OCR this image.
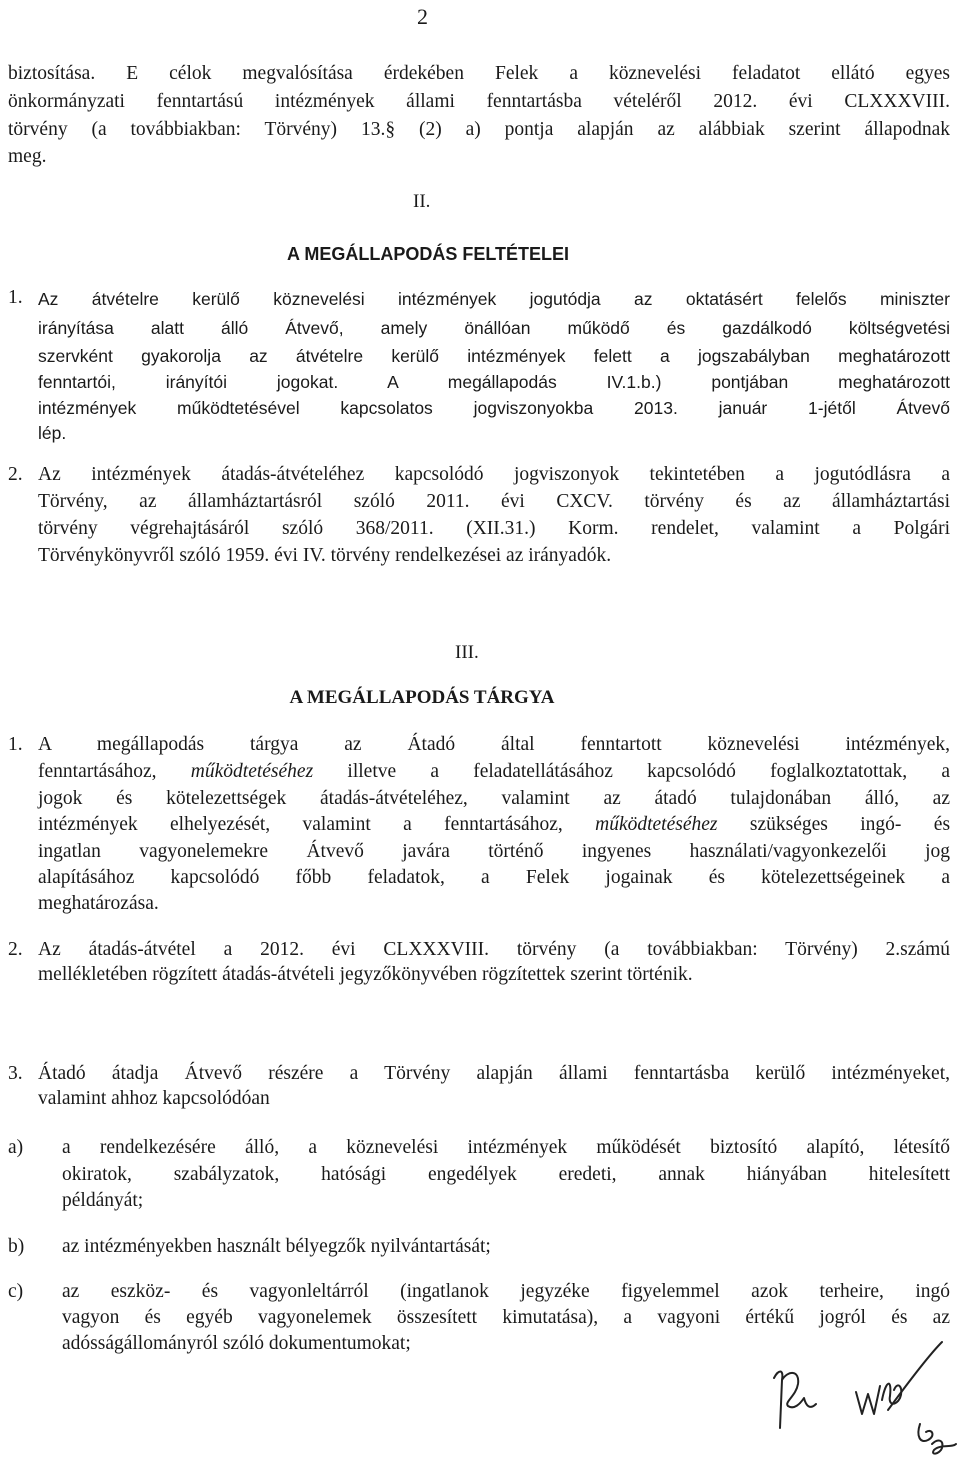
2
biztosítása. E célok megvalósítása érdekében Felek a köznevelési feladatot ellátó egyes
önkormányzati fenntartású intézmények állami fenntartásba vételéről 2012. évi CLXXXVIII.
törvény (a továbbiakban: Törvény) 13.§ (2) a) pontja alapján az alábbiak szerint állapodnak
meg.
II.
A MEGÁLLAPODÁS FELTÉTELEI
1. Az átvételre kerülő köznevelési intézmények jogutódja az oktatásért felelős miniszter
irányítása alatt álló Átvevő, amely önállóan működő és gazdálkodó költségvetési
szervként gyakorolja az átvételre kerülő intézmények felett a jogszabályban meghatározott
fenntartói, irányítói jogokat. A megállapodás IV.1.b.) pontjában meghatározott
intézmények működtetésével kapcsolatos jogviszonyokba 2013. január 1-jétől Átvevő
lép.
2. Az intézmények átadás-átvételéhez kapcsolódó jogviszonyok tekintetében a jogutódlásra a
Törvény, az államháztartásról szóló 2011. évi CXCV. törvény és az államháztartási
törvény végrehajtásáról szóló 368/2011. (XII.31.) Korm. rendelet, valamint a Polgári
Törvénykönyvről szóló 1959. évi IV. törvény rendelkezései az irányadók.
III.
A MEGÁLLAPODÁS TÁRGYA
1. A megállapodás tárgya az Átadó által fenntartott köznevelési intézmények,
fenntartásához, működtetéséhez illetve a feladatellátásához kapcsolódó foglalkoztatottak, a
jogok és kötelezettségek átadás-átvételéhez, valamint az átadó tulajdonában álló, az
intézmények elhelyezését, valamint a fenntartásához, működtetéséhez szükséges ingó- és
ingatlan vagyonelemekre Átvevő javára történő ingyenes használati/vagyonkezelői jog
alapításához kapcsolódó főbb feladatok, a Felek jogainak és kötelezettségeinek a
meghatározása.
2. Az átadás-átvétel a 2012. évi CLXXXVIII. törvény (a továbbiakban: Törvény) 2.számú
mellékletében rögzített átadás-átvételi jegyzőkönyvében rögzítettek szerint történik.
3. Átadó átadja Átvevő részére a Törvény alapján állami fenntartásba kerülő intézményeket,
valamint ahhoz kapcsolódóan
a) a rendelkezésére álló, a köznevelési intézmények működését biztosító alapító, létesítő
okiratok, szabályzatok, hatósági engedélyek eredeti, annak hiányában hitelesített
példányát;
b) az intézményekben használt bélyegzők nyilvántartását;
c) az eszköz- és vagyonleltárról (ingatlanok jegyzéke figyelemmel azok terheire, ingó
vagyon és egyéb vagyonelemek összesített kimutatása), a vagyoni értékű jogról és az
adósságállományról szóló dokumentumokat;
